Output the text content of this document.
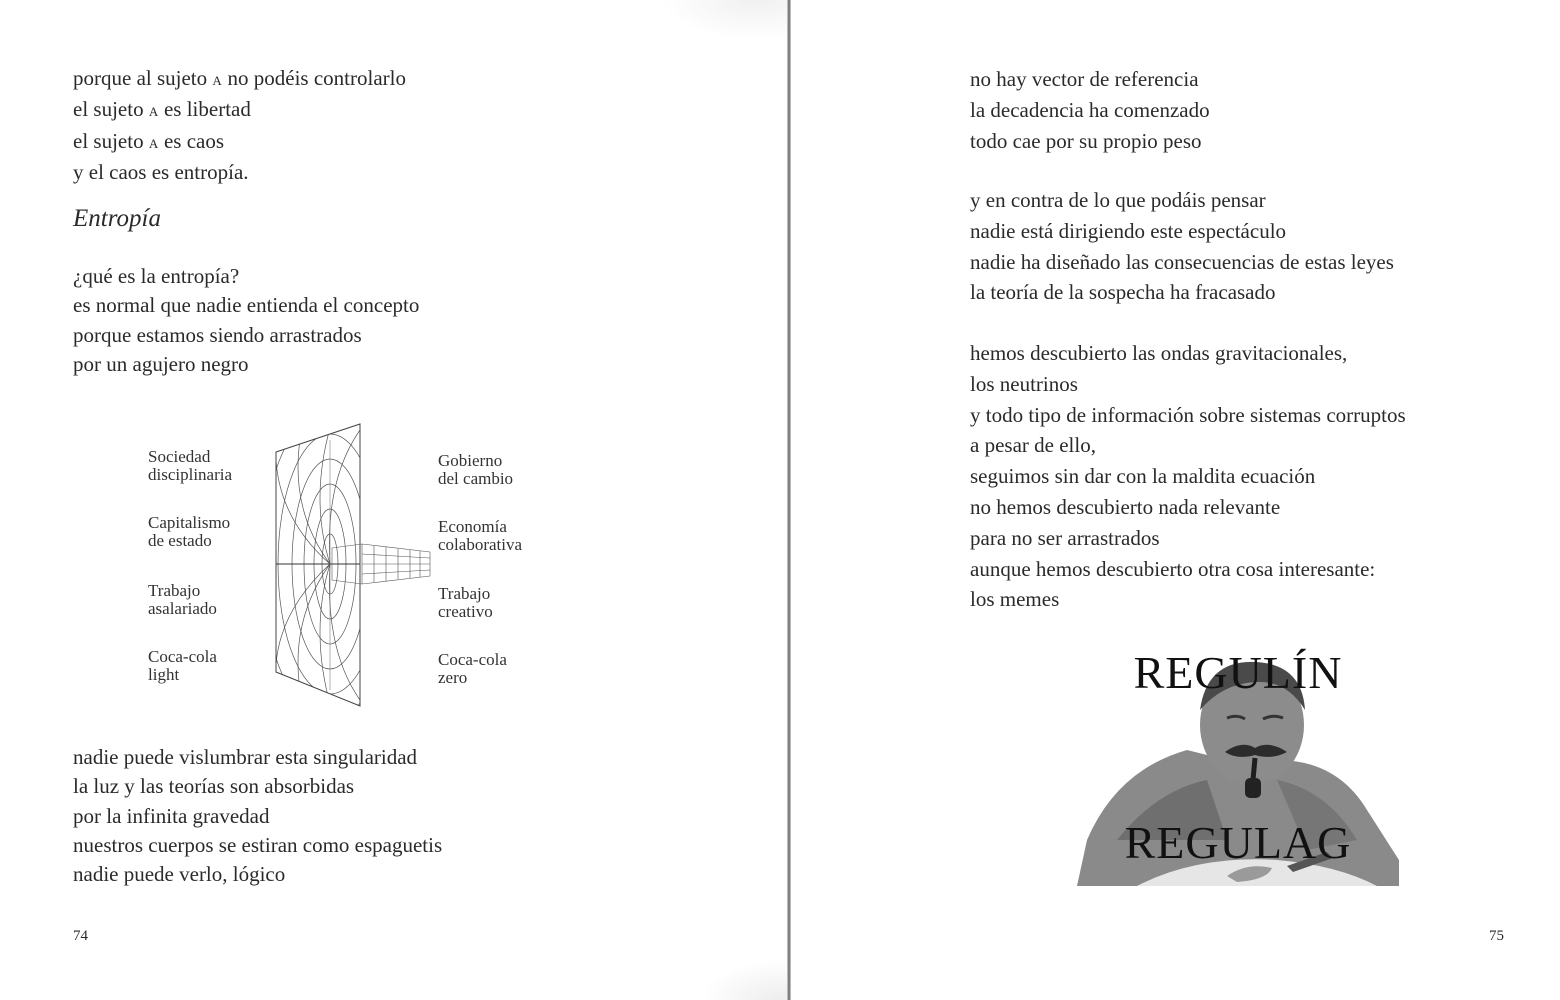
porque al sujeto A no podéis controlarlo
el sujeto A es libertad
el sujeto A es caos
y el caos es entropía.
Entropía
¿qué es la entropía?
es normal que nadie entienda el concepto
porque estamos siendo arrastrados
por un agujero negro
Sociedad
disciplinaria
Capitalismo
de estado
Trabajo
asalariado
Coca-cola
light
Gobierno
del cambio
Economía
colaborativa
Trabajo
creativo
Coca-cola
zero
nadie puede vislumbrar esta singularidad
la luz y las teorías son absorbidas
por la infinita gravedad
nuestros cuerpos se estiran como espaguetis
nadie puede verlo, lógico
74
no hay vector de referencia
la decadencia ha comenzado
todo cae por su propio peso
y en contra de lo que podáis pensar
nadie está dirigiendo este espectáculo
nadie ha diseñado las consecuencias de estas leyes
la teoría de la sospecha ha fracasado
hemos descubierto las ondas gravitacionales,
los neutrinos
y todo tipo de información sobre sistemas corruptos
a pesar de ello,
seguimos sin dar con la maldita ecuación
no hemos descubierto nada relevante
para no ser arrastrados
aunque hemos descubierto otra cosa interesante:
los memes
75
REGULÍN
REGULAG
